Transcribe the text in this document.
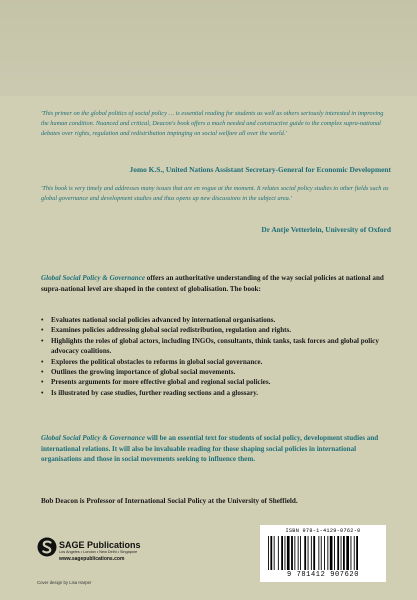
'This primer on the global politics of social policy … is essential reading for students as well as others seriously interested in improving the human condition. Nuanced and critical, Deacon's book offers a much needed and constructive guide to the complex supra-national debates over rights, regulation and redistribution impinging on social welfare all over the world.'
Jomo K.S., United Nations Assistant Secretary-General for Economic Development
'This book is very timely and addresses many issues that are en vogue at the moment. It relates social policy studies to other fields such as global governance and development studies and thus opens up new discussions in the subject area.'
Dr Antje Vetterlein, University of Oxford
Global Social Policy & Governance offers an authoritative understanding of the way social policies at national and supra-national level are shaped in the context of globalisation. The book:
• Evaluates national social policies advanced by international organisations.
• Examines policies addressing global social redistribution, regulation and rights.
• Highlights the roles of global actors, including INGOs, consultants, think tanks, task forces and global policy advocacy coalitions.
• Explores the political obstacles to reforms in global social governance.
• Outlines the growing importance of global social movements.
• Presents arguments for more effective global and regional social policies.
• Is illustrated by case studies, further reading sections and a glossary.
Global Social Policy & Governance will be an essential text for students of social policy, development studies and international relations. It will also be invaluable reading for those shaping social policies in international organisations and those in social movements seeking to influence them.
Bob Deacon is Professor of International Social Policy at the University of Sheffield.
SAGE Publications
Los Angeles • London • New Delhi • Singapore
www.sagepublications.com
Cover design by Lisa Harper
ISBN 978-1-4129-0762-0
9 781412 907620
